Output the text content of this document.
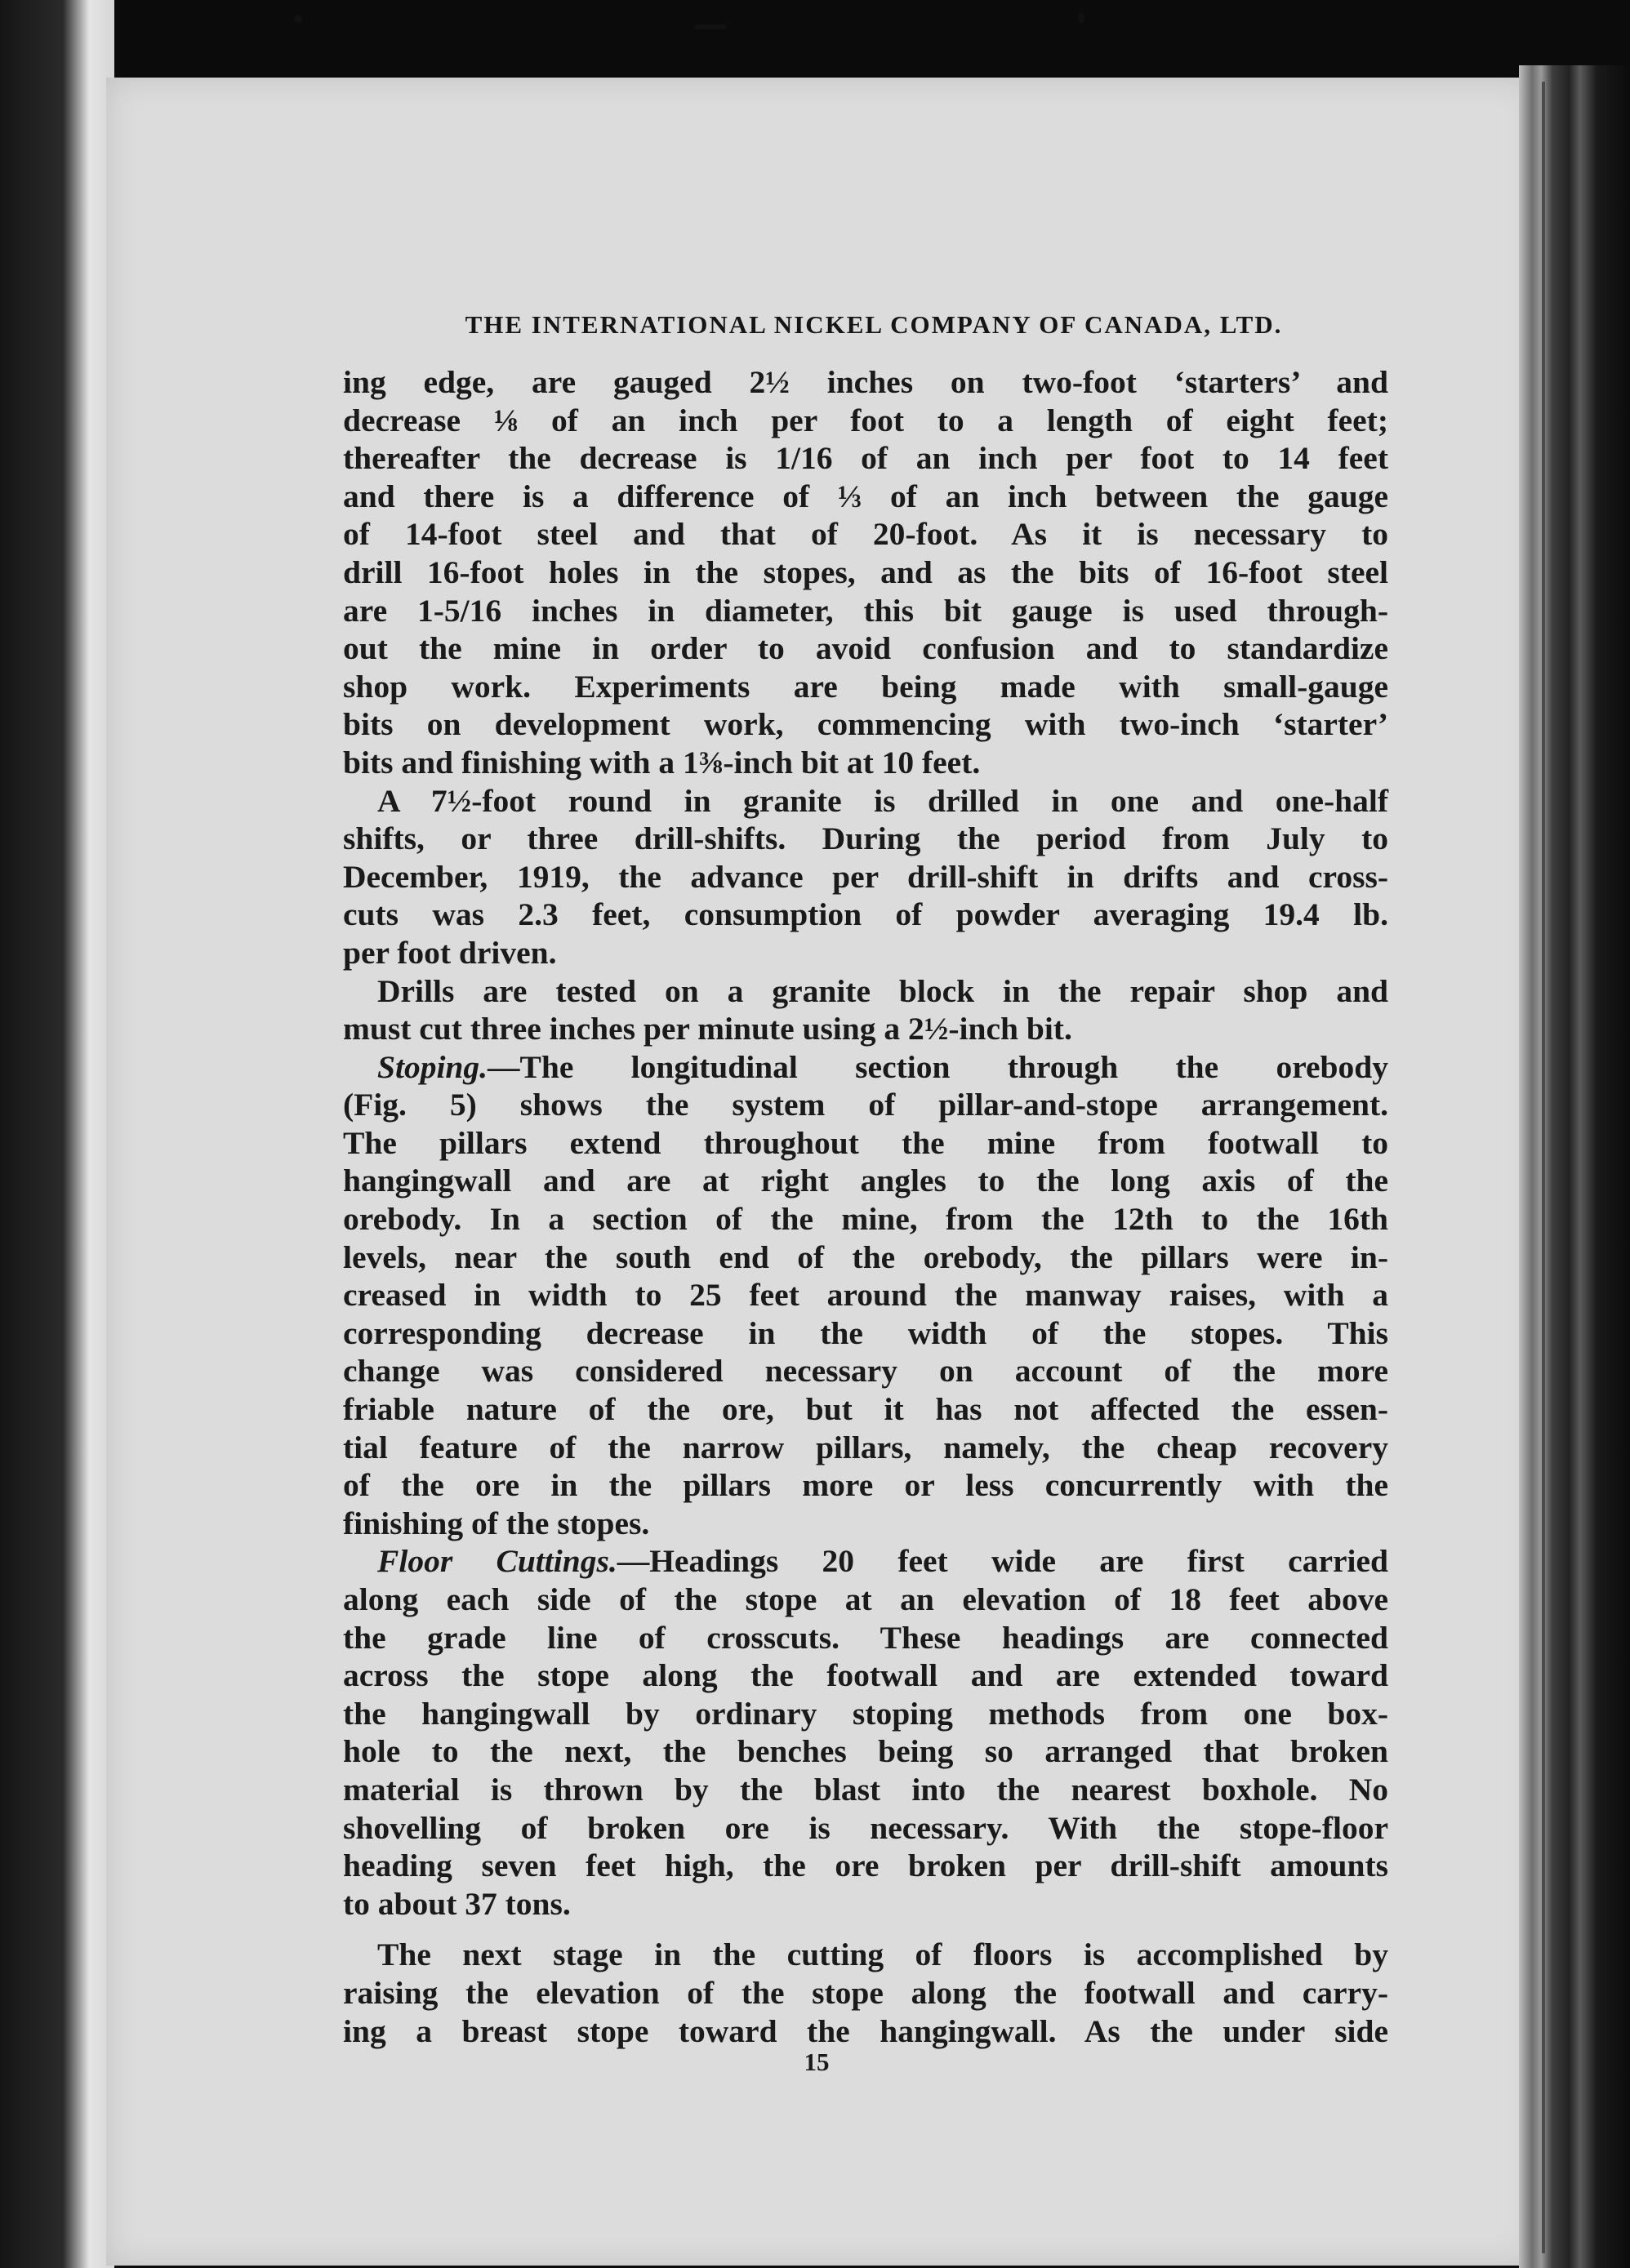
THE INTERNATIONAL NICKEL COMPANY OF CANADA, LTD.

ing edge, are gauged 2½ inches on two-foot ‘starters’ and

decrease ⅛ of an inch per foot to a length of eight feet;

thereafter the decrease is 1/16 of an inch per foot to 14 feet

and there is a difference of ⅓ of an inch between the gauge

of 14-foot steel and that of 20-foot. As it is necessary to

drill 16-foot holes in the stopes, and as the bits of 16-foot steel

are 1-5/16 inches in diameter, this bit gauge is used through-

out the mine in order to avoid confusion and to standardize

shop work. Experiments are being made with small-gauge

bits on development work, commencing with two-inch ‘starter’

bits and finishing with a 1⅜-inch bit at 10 feet.

A 7½-foot round in granite is drilled in one and one-half

shifts, or three drill-shifts. During the period from July to

December, 1919, the advance per drill-shift in drifts and cross-

cuts was 2.3 feet, consumption of powder averaging 19.4 lb.

per foot driven.

Drills are tested on a granite block in the repair shop and

must cut three inches per minute using a 2½-inch bit.

Stoping.—The longitudinal section through the orebody

(Fig. 5) shows the system of pillar-and-stope arrangement.

The pillars extend throughout the mine from footwall to

hangingwall and are at right angles to the long axis of the

orebody. In a section of the mine, from the 12th to the 16th

levels, near the south end of the orebody, the pillars were in-

creased in width to 25 feet around the manway raises, with a

corresponding decrease in the width of the stopes. This

change was considered necessary on account of the more

friable nature of the ore, but it has not affected the essen-

tial feature of the narrow pillars, namely, the cheap recovery

of the ore in the pillars more or less concurrently with the

finishing of the stopes.

Floor Cuttings.—Headings 20 feet wide are first carried

along each side of the stope at an elevation of 18 feet above

the grade line of crosscuts. These headings are connected

across the stope along the footwall and are extended toward

the hangingwall by ordinary stoping methods from one box-

hole to the next, the benches being so arranged that broken

material is thrown by the blast into the nearest boxhole. No

shovelling of broken ore is necessary. With the stope-floor

heading seven feet high, the ore broken per drill-shift amounts

to about 37 tons.

The next stage in the cutting of floors is accomplished by

raising the elevation of the stope along the footwall and carry-

ing a breast stope toward the hangingwall. As the under side

15
